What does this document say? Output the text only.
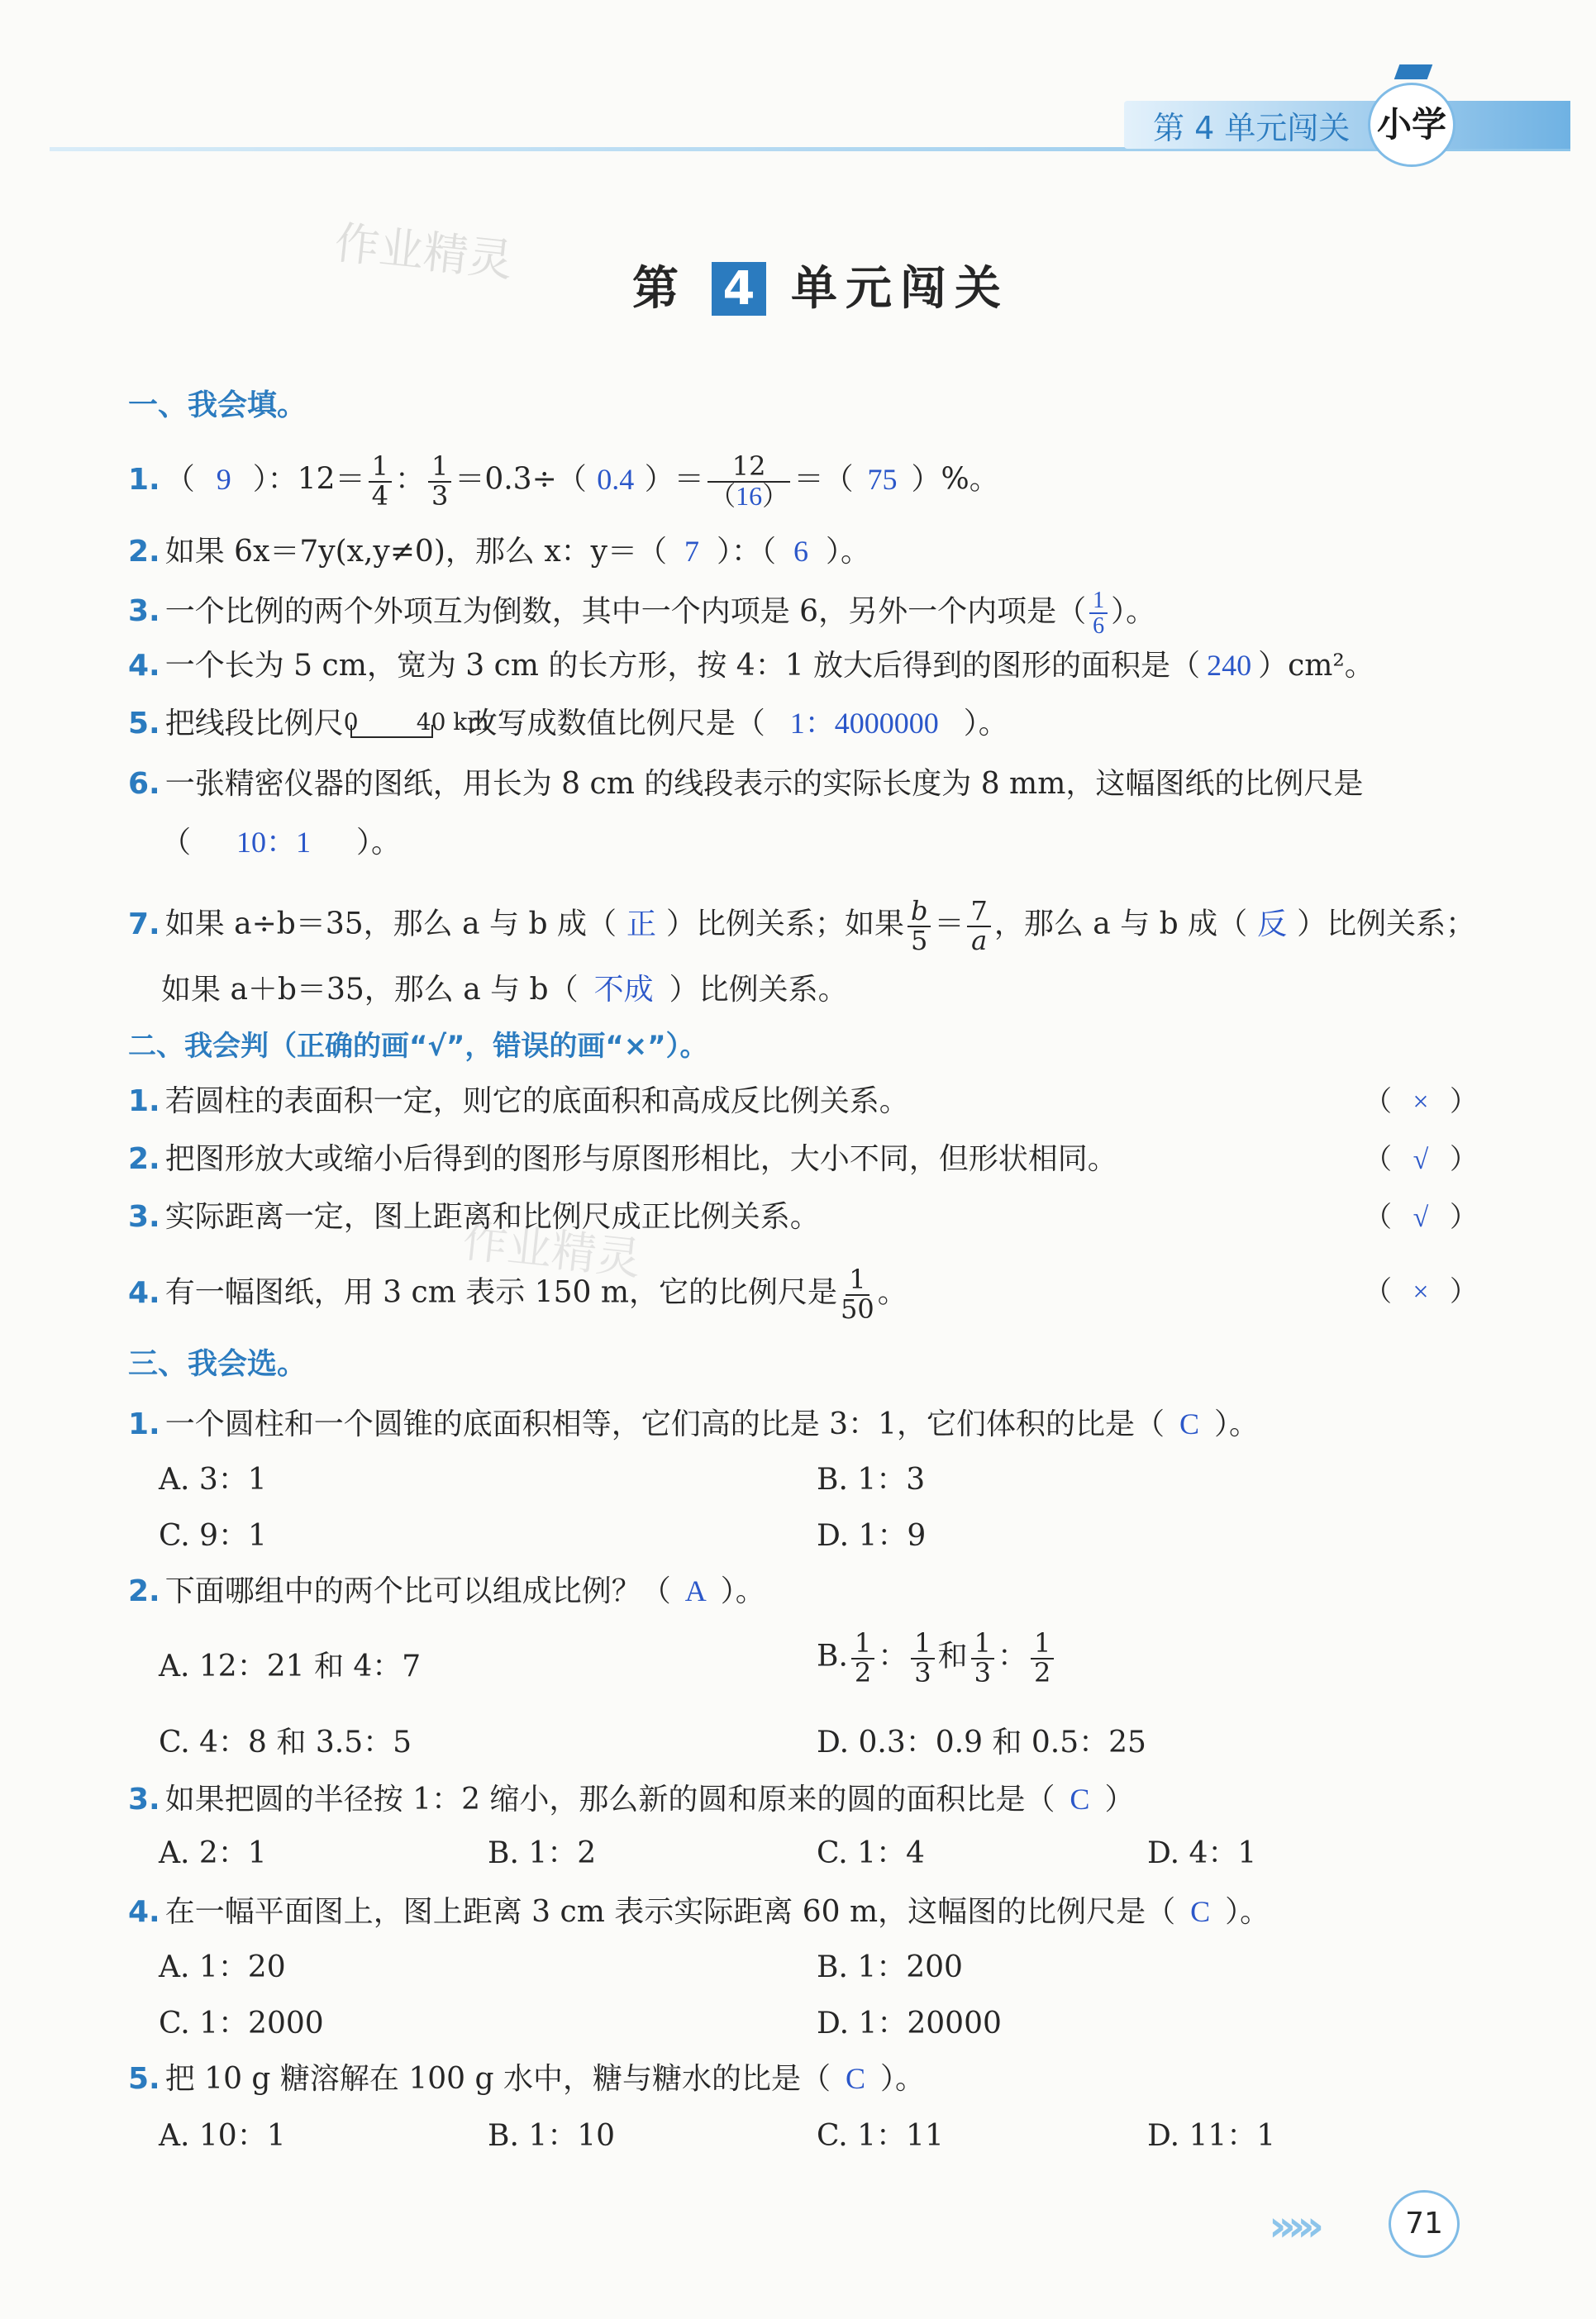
第 4 单元闯关 小学
作业精灵
作业精灵
第 4 单元闯关
一、我会填。
1. （ 9 ）：$12= \frac{1}{4}$ ： $\frac{1}{3} =0.3\div$（ 0.4 ）＝ $\frac{12}{(16)}$ ＝（ 75 ）%。
2. 如果 6x＝7y(x,y≠0)，那么 x：y＝（ 7 ）：（ 6 ）。
3. 一个比例的两个外项互为倒数，其中一个内项是 6，另外一个内项是（ $\frac{1}{6}$ ）。
4. 一个长为 5 cm，宽为 3 cm 的长方形，按 4：1 放大后得到的图形的面积是（ 240 ）cm²。
5. 把线段比例尺 0	40 km
改写成数值比例尺是（ 1：4000000 ）。
6. 一张精密仪器的图纸，用长为 8 cm 的线段表示的实际长度为 8 mm，这幅图纸的比例尺是
（ 10：1 ）。
7. 如果 a÷b＝35，那么 a 与 b 成（ 正 ）比例关系；如果 $\frac{b}{5} = \frac{7}{a}$ ，那么 a 与 b 成（ 反 ）比例关系；
如果 a＋b＝35，那么 a 与 b（ 不成 ）比例关系。
二、我会判（正确的画“√”，错误的画“×”）。
1. 若圆柱的表面积一定，则它的底面积和高成反比例关系。	（ × ）
2. 把图形放大或缩小后得到的图形与原图形相比，大小不同，但形状相同。	（ √ ）
3. 实际距离一定，图上距离和比例尺成正比例关系。	（ √ ）
4. 有一幅图纸，用 3 cm 表示 150 m，它的比例尺是 $\frac{1}{50}$ 。	（ × ）
三、我会选。
1. 一个圆柱和一个圆锥的底面积相等，它们高的比是 3：1，它们体积的比是（ C ）。
A. 3：1	B. 1：3
C. 9：1	D. 1：9
2. 下面哪组中的两个比可以组成比例？（ A ）。
A. 12：21 和 4：7	B. $\frac{1}{2}$ ： $\frac{1}{3}$ 和 $\frac{1}{3}$ ： $\frac{1}{2}$
C. 4：8 和 3.5：5	D. 0.3：0.9 和 0.5：25
3. 如果把圆的半径按 1：2 缩小，那么新的圆和原来的圆的面积比是（ C ）
A. 2：1	B. 1：2	C. 1：4	D. 4：1
4. 在一幅平面图上，图上距离 3 cm 表示实际距离 60 m，这幅图的比例尺是（ C ）。
A. 1：20	B. 1：200
C. 1：2000	D. 1：20000
5. 把 10 g 糖溶解在 100 g 水中，糖与糖水的比是（ C ）。
A. 10：1	B. 1：10	C. 1：11	D. 11：1
›››››	71
